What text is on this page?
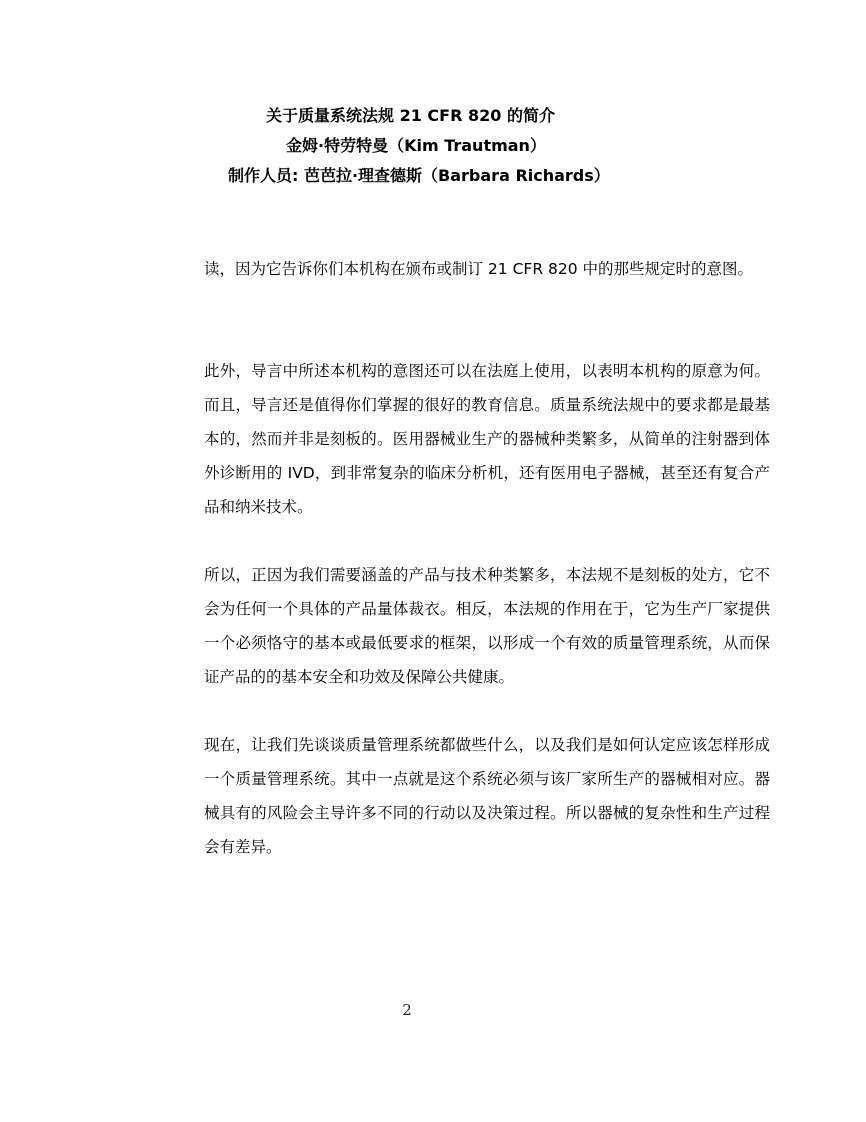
关于质量系统法规 21 CFR 820 的简介
金姆·特劳特曼（Kim Trautman）
制作人员: 芭芭拉·理查德斯（Barbara Richards）

读，因为它告诉你们本机构在颁布或制订 21 CFR 820 中的那些规定时的意图。

此外，导言中所述本机构的意图还可以在法庭上使用，以表明本机构的原意为何。而且，导言还是值得你们掌握的很好的教育信息。质量系统法规中的要求都是最基本的，然而并非是刻板的。医用器械业生产的器械种类繁多，从简单的注射器到体外诊断用的 IVD，到非常复杂的临床分析机，还有医用电子器械，甚至还有复合产品和纳米技术。

所以，正因为我们需要涵盖的产品与技术种类繁多，本法规不是刻板的处方，它不会为任何一个具体的产品量体裁衣。相反，本法规的作用在于，它为生产厂家提供一个必须恪守的基本或最低要求的框架，以形成一个有效的质量管理系统，从而保证产品的的基本安全和功效及保障公共健康。

现在，让我们先谈谈质量管理系统都做些什么，以及我们是如何认定应该怎样形成一个质量管理系统。其中一点就是这个系统必须与该厂家所生产的器械相对应。器械具有的风险会主导许多不同的行动以及决策过程。所以器械的复杂性和生产过程会有差异。

2
